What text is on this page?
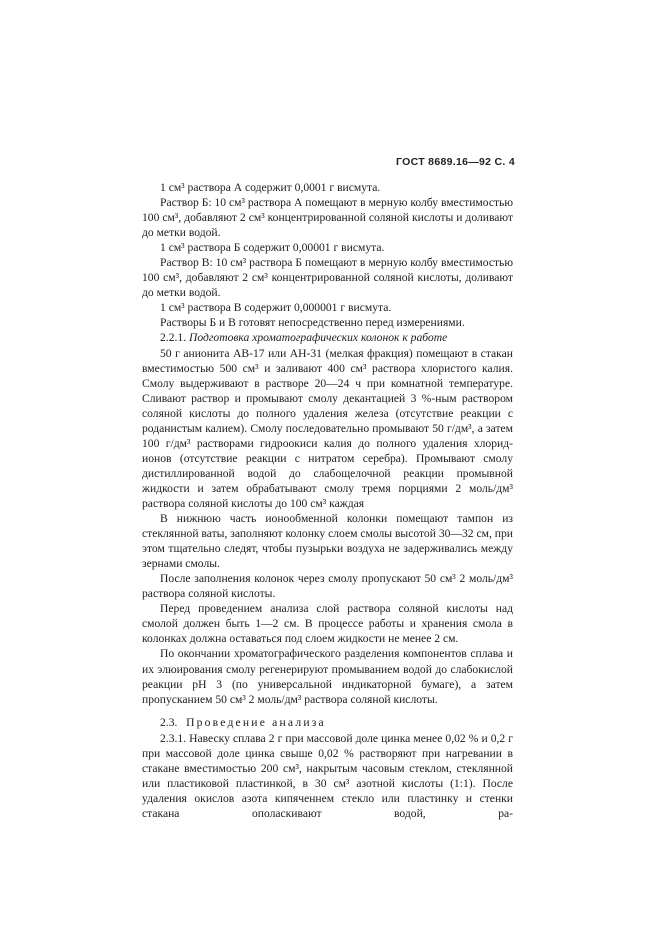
ГОСТ 8689.16—92 С. 4

1 см³ раствора А содержит 0,0001 г висмута.

Раствор Б: 10 см³ раствора А помещают в мерную колбу вместимостью 100 см³, добавляют 2 см³ концентрированной соляной кислоты и доливают до метки водой.

1 см³ раствора Б содержит 0,00001 г висмута.

Раствор В: 10 см³ раствора Б помещают в мерную колбу вместимостью 100 см³, добавляют 2 см³ концентрированной соляной кислоты, доливают до метки водой.

1 см³ раствора В содержит 0,000001 г висмута.

Растворы Б и В готовят непосредственно перед измерениями.

2.2.1. Подготовка хроматографических колонок к работе

50 г анионита АВ-17 или АН-31 (мелкая фракция) помещают в стакан вместимостью 500 см³ и заливают 400 см³ раствора хлористого калия. Смолу выдерживают в растворе 20—24 ч при комнатной температуре. Сливают раствор и промывают смолу декантацией 3 %-ным раствором соляной кислоты до полного удаления железа (отсутствие реакции с роданистым калием). Смолу последовательно промывают 50 г/дм³, а затем 100 г/дм³ растворами гидроокиси калия до полного удаления хлорид-ионов (отсутствие реакции с нитратом серебра). Промывают смолу дистиллированной водой до слабощелочной реакции промывной жидкости и затем обрабатывают смолу тремя порциями 2 моль/дм³ раствора соляной кислоты до 100 см³ каждая

В нижнюю часть ионообменной колонки помещают тампон из стеклянной ваты, заполняют колонку слоем смолы высотой 30—32 см, при этом тщательно следят, чтобы пузырьки воздуха не задерживались между зернами смолы.

После заполнения колонок через смолу пропускают 50 см³ 2 моль/дм³ раствора соляной кислоты.

Перед проведением анализа слой раствора соляной кислоты над смолой должен быть 1—2 см. В процессе работы и хранения смола в колонках должна оставаться под слоем жидкости не менее 2 см.

По окончании хроматографического разделения компонентов сплава и их элюирования смолу регенерируют промыванием водой до слабокислой реакции рН 3 (по универсальной индикаторной бумаге), а затем пропусканием 50 см³ 2 моль/дм³ раствора соляной кислоты.

2.3. Проведение анализа

2.3.1. Навеску сплава 2 г при массовой доле цинка менее 0,02 % и 0,2 г при массовой доле цинка свыше 0,02 % растворяют при нагревании в стакане вместимостью 200 см³, накрытым часовым стеклом, стеклянной или пластиковой пластинкой, в 30 см³ азотной кислоты (1:1). После удаления окислов азота кипяченнем стекло или пластинку и стенки стакана ополаскивают водой, ра-
